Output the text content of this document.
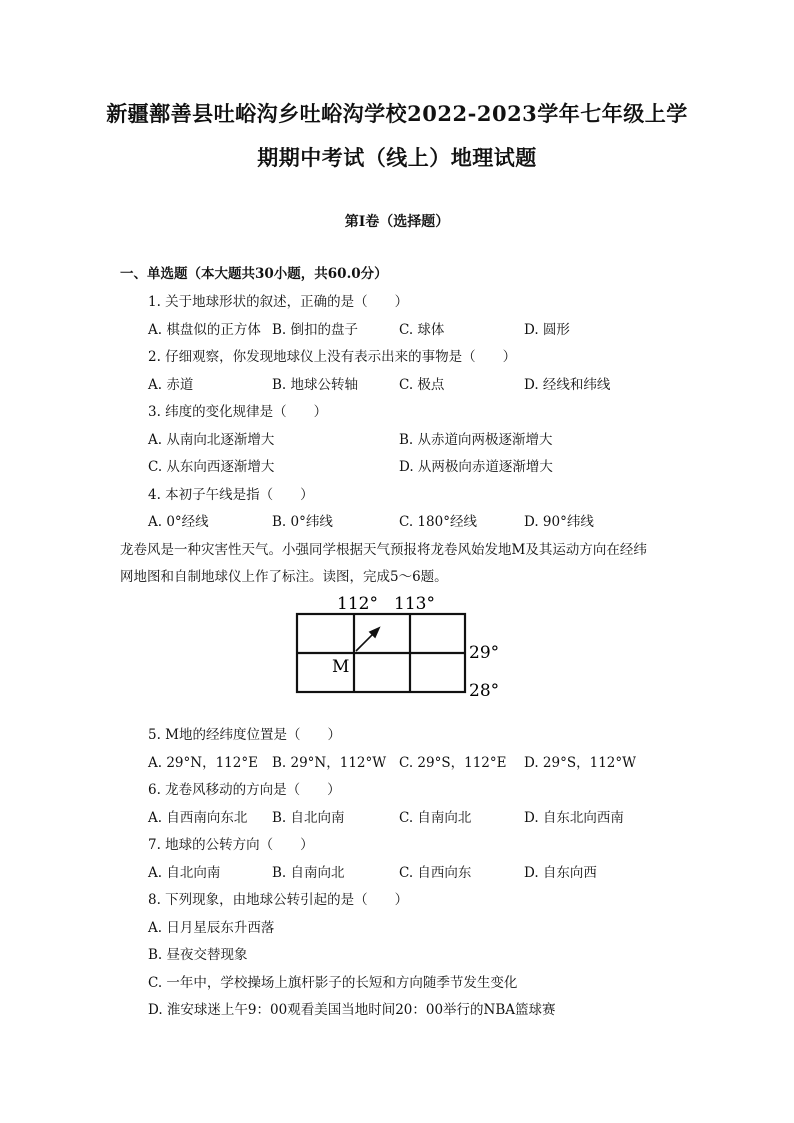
新疆鄯善县吐峪沟乡吐峪沟学校2022-2023学年七年级上学
期期中考试（线上）地理试题
第I卷（选择题）
一、单选题（本大题共30小题，共60.0分）
1. 关于地球形状的叙述，正确的是（　　）
A. 棋盘似的正方体 B. 倒扣的盘子	C. 球体	D. 圆形
2. 仔细观察，你发现地球仪上没有表示出来的事物是（　　）
A. 赤道	B. 地球公转轴	C. 极点	D. 经线和纬线
3. 纬度的变化规律是（　　）
A. 从南向北逐渐增大	B. 从赤道向两极逐渐增大
C. 从东向西逐渐增大	D. 从两极向赤道逐渐增大
4. 本初子午线是指（　　）
A. 0°经线	B. 0°纬线	C. 180°经线	D. 90°纬线
龙卷风是一种灾害性天气。小强同学根据天气预报将龙卷风始发地M及其运动方向在经纬
网地图和自制地球仪上作了标注。读图，完成5～6题。
112° 113°
29°
28°
M
5. M地的经纬度位置是（　　）
A. 29°N，112°E B. 29°N，112°W C. 29°S，112°E D. 29°S，112°W
6. 龙卷风移动的方向是（　　）
A. 自西南向东北 B. 自北向南	C. 自南向北	D. 自东北向西南
7. 地球的公转方向（　　）
A. 自北向南	B. 自南向北	C. 自西向东	D. 自东向西
8. 下列现象，由地球公转引起的是（　　）
A. 日月星辰东升西落
B. 昼夜交替现象
C. 一年中，学校操场上旗杆影子的长短和方向随季节发生变化
D. 淮安球迷上午9：00观看美国当地时间20：00举行的NBA篮球赛
